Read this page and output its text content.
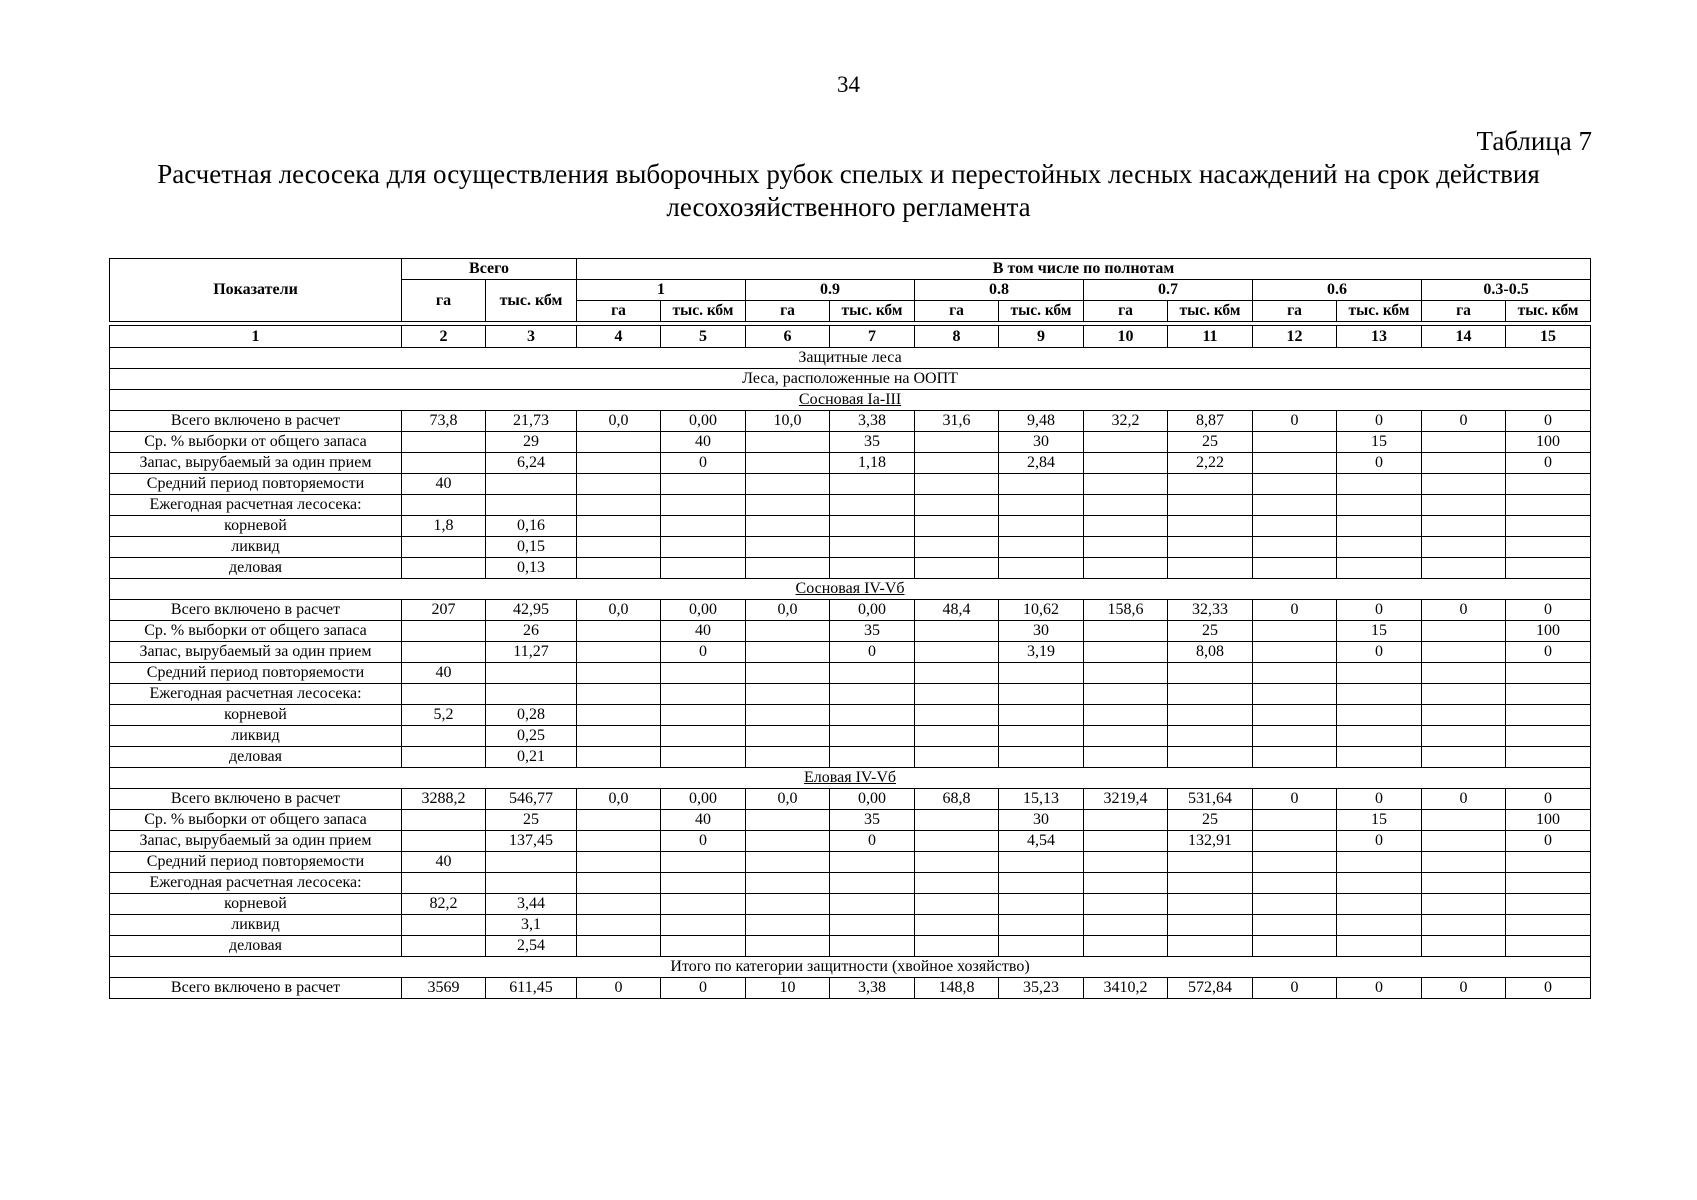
34
Таблица 7
Расчетная лесосека для осуществления выборочных рубок спелых и перестойных лесных насаждений на срок действия
лесохозяйственного регламента
Показатели	Всего		В том числе по полнотам											
	га	тыс. кбм	1		0.9		0.8		0.7		0.6		0.3-0.5	
			га	тыс. кбм	га	тыс. кбм	га	тыс. кбм	га	тыс. кбм	га	тыс. кбм	га	тыс. кбм

1	2	3	4	5	6	7	8	9	10	11	12	13	14	15
Защитные леса														
Леса, расположенные на ООПТ														
Сосновая Ia-III														
Всего включено в расчет	73,8	21,73	0,0	0,00	10,0	3,38	31,6	9,48	32,2	8,87	0	0	0	0
Ср. % выборки от общего запаса		29		40		35		30		25		15		100
Запас, вырубаемый за один прием		6,24		0		1,18		2,84		2,22		0		0
Средний период повторяемости	40													
Ежегодная расчетная лесосека:														
корневой	1,8	0,16												
ликвид		0,15												
деловая		0,13												
Сосновая IV-Vб														
Всего включено в расчет	207	42,95	0,0	0,00	0,0	0,00	48,4	10,62	158,6	32,33	0	0	0	0
Ср. % выборки от общего запаса		26		40		35		30		25		15		100
Запас, вырубаемый за один прием		11,27		0		0		3,19		8,08		0		0
Средний период повторяемости	40													
Ежегодная расчетная лесосека:														
корневой	5,2	0,28												
ликвид		0,25												
деловая		0,21												
Еловая IV-Vб														
Всего включено в расчет	3288,2	546,77	0,0	0,00	0,0	0,00	68,8	15,13	3219,4	531,64	0	0	0	0
Ср. % выборки от общего запаса		25		40		35		30		25		15		100
Запас, вырубаемый за один прием		137,45		0		0		4,54		132,91		0		0
Средний период повторяемости	40													
Ежегодная расчетная лесосека:														
корневой	82,2	3,44												
ликвид		3,1												
деловая		2,54												
Итого по категории защитности (хвойное хозяйство)														
Всего включено в расчет	3569	611,45	0	0	10	3,38	148,8	35,23	3410,2	572,84	0	0	0	0
